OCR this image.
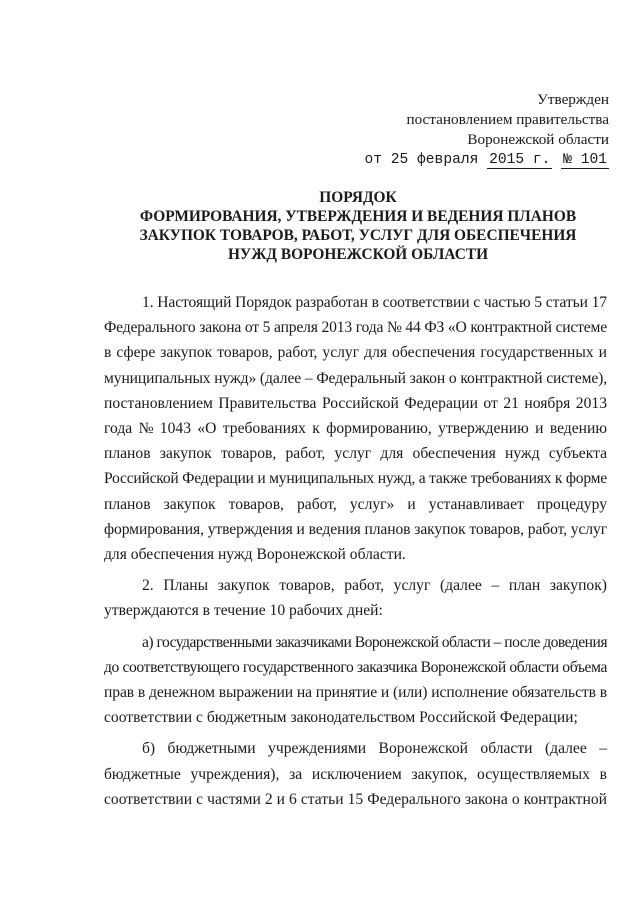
Утвержден
постановлением правительства
Воронежской области
от 25 февраля 2015 г. № 101
ПОРЯДОК
ФОРМИРОВАНИЯ, УТВЕРЖДЕНИЯ И ВЕДЕНИЯ ПЛАНОВ
ЗАКУПОК ТОВАРОВ, РАБОТ, УСЛУГ ДЛЯ ОБЕСПЕЧЕНИЯ
НУЖД ВОРОНЕЖСКОЙ ОБЛАСТИ
1. Настоящий Порядок разработан в соответствии с частью 5 статьи 17
Федерального закона от 5 апреля 2013 года № 44 ФЗ «О контрактной системе
в сфере закупок товаров, работ, услуг для обеспечения государственных и
муниципальных нужд» (далее – Федеральный закон о контрактной системе),
постановлением Правительства Российской Федерации от 21 ноября 2013
года № 1043 «О требованиях к формированию, утверждению и ведению
планов закупок товаров, работ, услуг для обеспечения нужд субъекта
Российской Федерации и муниципальных нужд, а также требованиях к форме
планов закупок товаров, работ, услуг» и устанавливает процедуру
формирования, утверждения и ведения планов закупок товаров, работ, услуг
для обеспечения нужд Воронежской области.
2. Планы закупок товаров, работ, услуг (далее – план закупок)
утверждаются в течение 10 рабочих дней:
а) государственными заказчиками Воронежской области – после доведения
до соответствующего государственного заказчика Воронежской области объема
прав в денежном выражении на принятие и (или) исполнение обязательств в
соответствии с бюджетным законодательством Российской Федерации;
б) бюджетными учреждениями Воронежской области (далее –
бюджетные учреждения), за исключением закупок, осуществляемых в
соответствии с частями 2 и 6 статьи 15 Федерального закона о контрактной
